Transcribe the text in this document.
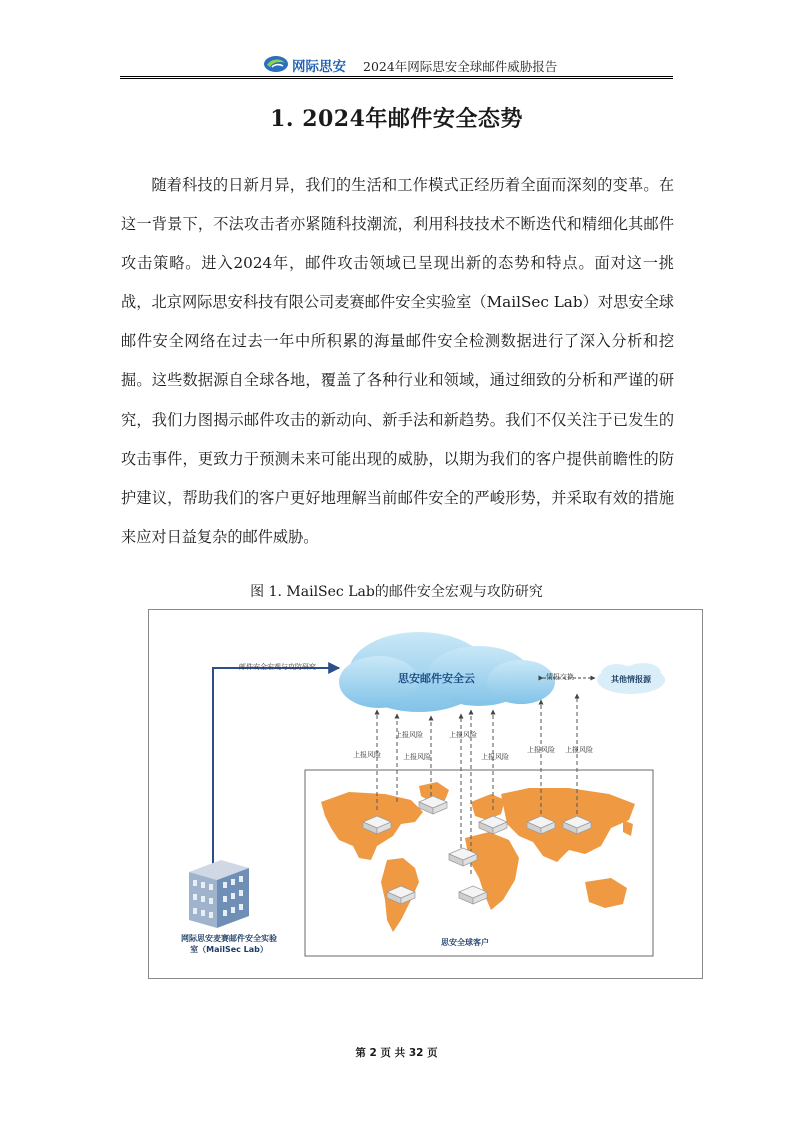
网际思安 2024年网际思安全球邮件威胁报告
1. 2024年邮件安全态势

随着科技的日新月异，我们的生活和工作模式正经历着全面而深刻的变革。在这一背景下，不法攻击者亦紧随科技潮流，利用科技技术不断迭代和精细化其邮件攻击策略。进入2024年，邮件攻击领域已呈现出新的态势和特点。面对这一挑战，北京网际思安科技有限公司麦赛邮件安全实验室（MailSec Lab）对思安全球邮件安全网络在过去一年中所积累的海量邮件安全检测数据进行了深入分析和挖掘。这些数据源自全球各地，覆盖了各种行业和领域，通过细致的分析和严谨的研究，我们力图揭示邮件攻击的新动向、新手法和新趋势。我们不仅关注于已发生的攻击事件，更致力于预测未来可能出现的威胁，以期为我们的客户提供前瞻性的防护建议，帮助我们的客户更好地理解当前邮件安全的严峻形势，并采取有效的措施来应对日益复杂的邮件威胁。

图 1. MailSec Lab的邮件安全宏观与攻防研究
邮件安全宏观与攻防研究
思安邮件安全云	情报交换	其他情报源
上报风险
上报风险
上报风险
上报风险
上报风险
上报风险 上报风险
思安全球客户
网际思安麦赛邮件安全实验室（MailSec Lab）
第 2 页 共 32 页
